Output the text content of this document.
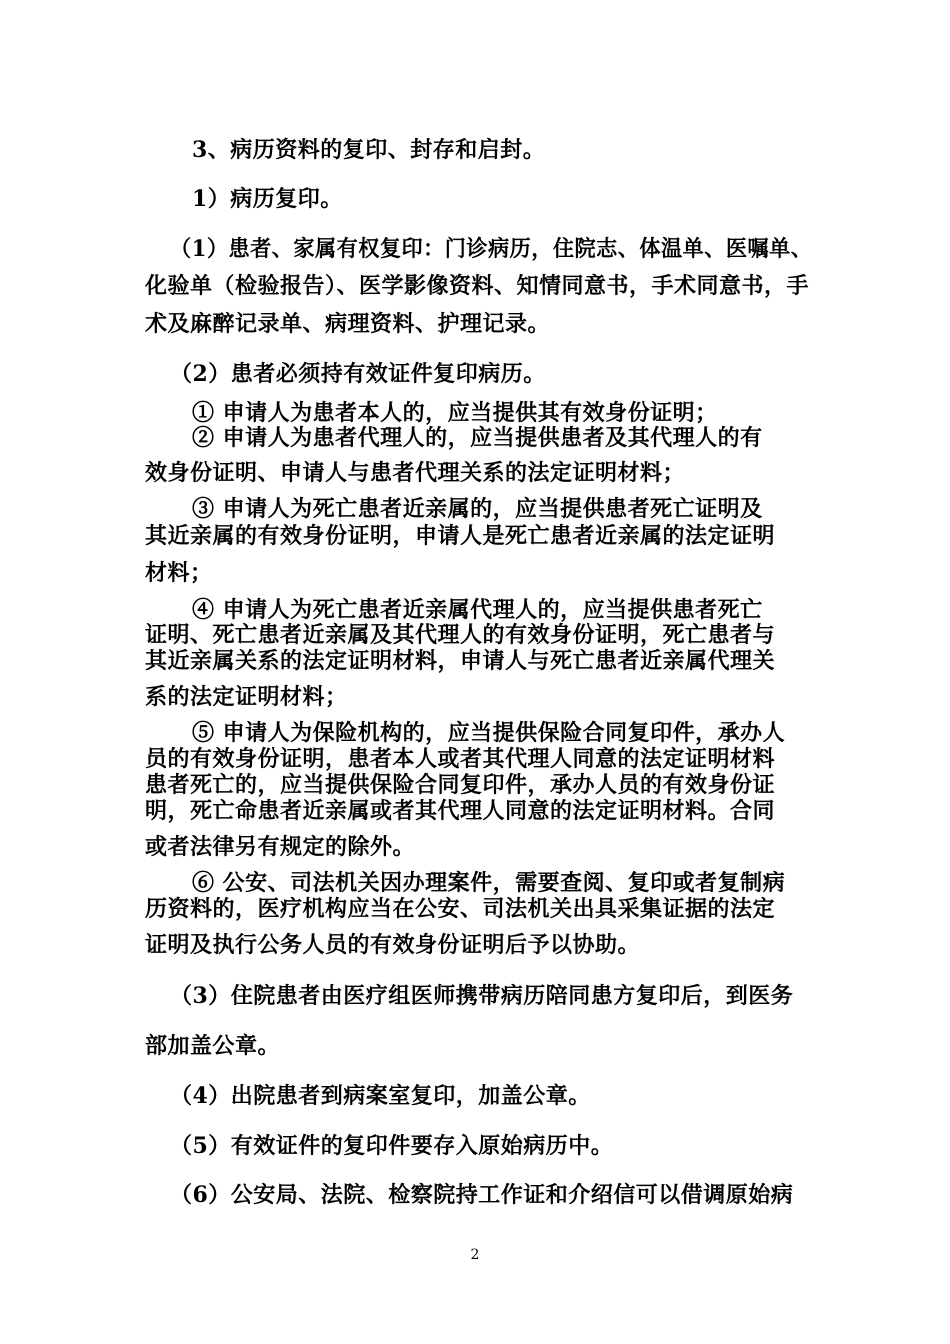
3、病历资料的复印、封存和启封。
1）病历复印。
（1）患者、家属有权复印：门诊病历，住院志、体温单、医嘱单、
化验单（检验报告）、医学影像资料、知情同意书，手术同意书，手
术及麻醉记录单、病理资料、护理记录。
（2）患者必须持有效证件复印病历。
① 申请人为患者本人的，应当提供其有效身份证明；
② 申请人为患者代理人的，应当提供患者及其代理人的有
效身份证明、申请人与患者代理关系的法定证明材料；
③ 申请人为死亡患者近亲属的，应当提供患者死亡证明及
其近亲属的有效身份证明，申请人是死亡患者近亲属的法定证明
材料；
④ 申请人为死亡患者近亲属代理人的，应当提供患者死亡
证明、死亡患者近亲属及其代理人的有效身份证明，死亡患者与
其近亲属关系的法定证明材料，申请人与死亡患者近亲属代理关
系的法定证明材料；
⑤ 申请人为保险机构的，应当提供保险合同复印件，承办人
员的有效身份证明，患者本人或者其代理人同意的法定证明材料
患者死亡的，应当提供保险合同复印件，承办人员的有效身份证
明，死亡命患者近亲属或者其代理人同意的法定证明材料。合同
或者法律另有规定的除外。
⑥ 公安、司法机关因办理案件，需要查阅、复印或者复制病
历资料的，医疗机构应当在公安、司法机关出具采集证据的法定
证明及执行公务人员的有效身份证明后予以协助。
（3）住院患者由医疗组医师携带病历陪同患方复印后，到医务
部加盖公章。
（4）出院患者到病案室复印，加盖公章。
（5）有效证件的复印件要存入原始病历中。
（6）公安局、法院、检察院持工作证和介绍信可以借调原始病
2
